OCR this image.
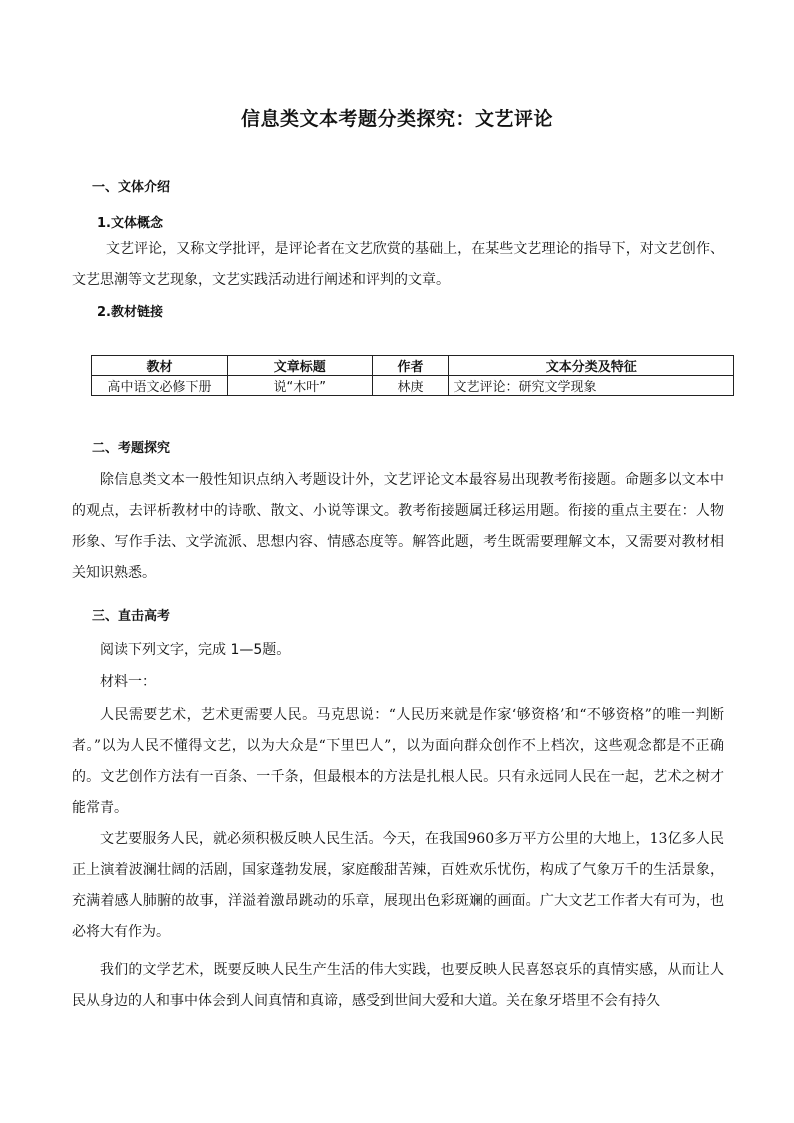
信息类文本考题分类探究：文艺评论
一、文体介绍
1.文体概念
文艺评论，又称文学批评，是评论者在文艺欣赏的基础上，在某些文艺理论的指导下，对文艺创作、文艺思潮等文艺现象，文艺实践活动进行阐述和评判的文章。
2.教材链接
教材	文章标题	作者	文本分类及特征
高中语文必修下册	说“木叶”	林庚	文艺评论：研究文学现象
二、考题探究
除信息类文本一般性知识点纳入考题设计外，文艺评论文本最容易出现教考衔接题。命题多以文本中的观点，去评析教材中的诗歌、散文、小说等课文。教考衔接题属迁移运用题。衔接的重点主要在：人物形象、写作手法、文学流派、思想内容、情感态度等。解答此题，考生既需要理解文本，又需要对教材相关知识熟悉。
三、直击高考
阅读下列文字，完成 1—5题。
材料一：
人民需要艺术，艺术更需要人民。马克思说：“人民历来就是作家‘够资格’和“不够资格”的唯一判断者。”以为人民不懂得文艺，以为大众是“下里巴人”，以为面向群众创作不上档次，这些观念都是不正确的。文艺创作方法有一百条、一千条，但最根本的方法是扎根人民。只有永远同人民在一起，艺术之树才能常青。
文艺要服务人民，就必须积极反映人民生活。今天，在我国960多万平方公里的大地上，13亿多人民正上演着波澜壮阔的活剧，国家蓬勃发展，家庭酸甜苦辣，百姓欢乐忧伤，构成了气象万千的生活景象，充满着感人肺腑的故事，洋溢着激昂跳动的乐章，展现出色彩斑斓的画面。广大文艺工作者大有可为，也必将大有作为。
我们的文学艺术，既要反映人民生产生活的伟大实践，也要反映人民喜怒哀乐的真情实感，从而让人民从身边的人和事中体会到人间真情和真谛，感受到世间大爱和大道。关在象牙塔里不会有持久
